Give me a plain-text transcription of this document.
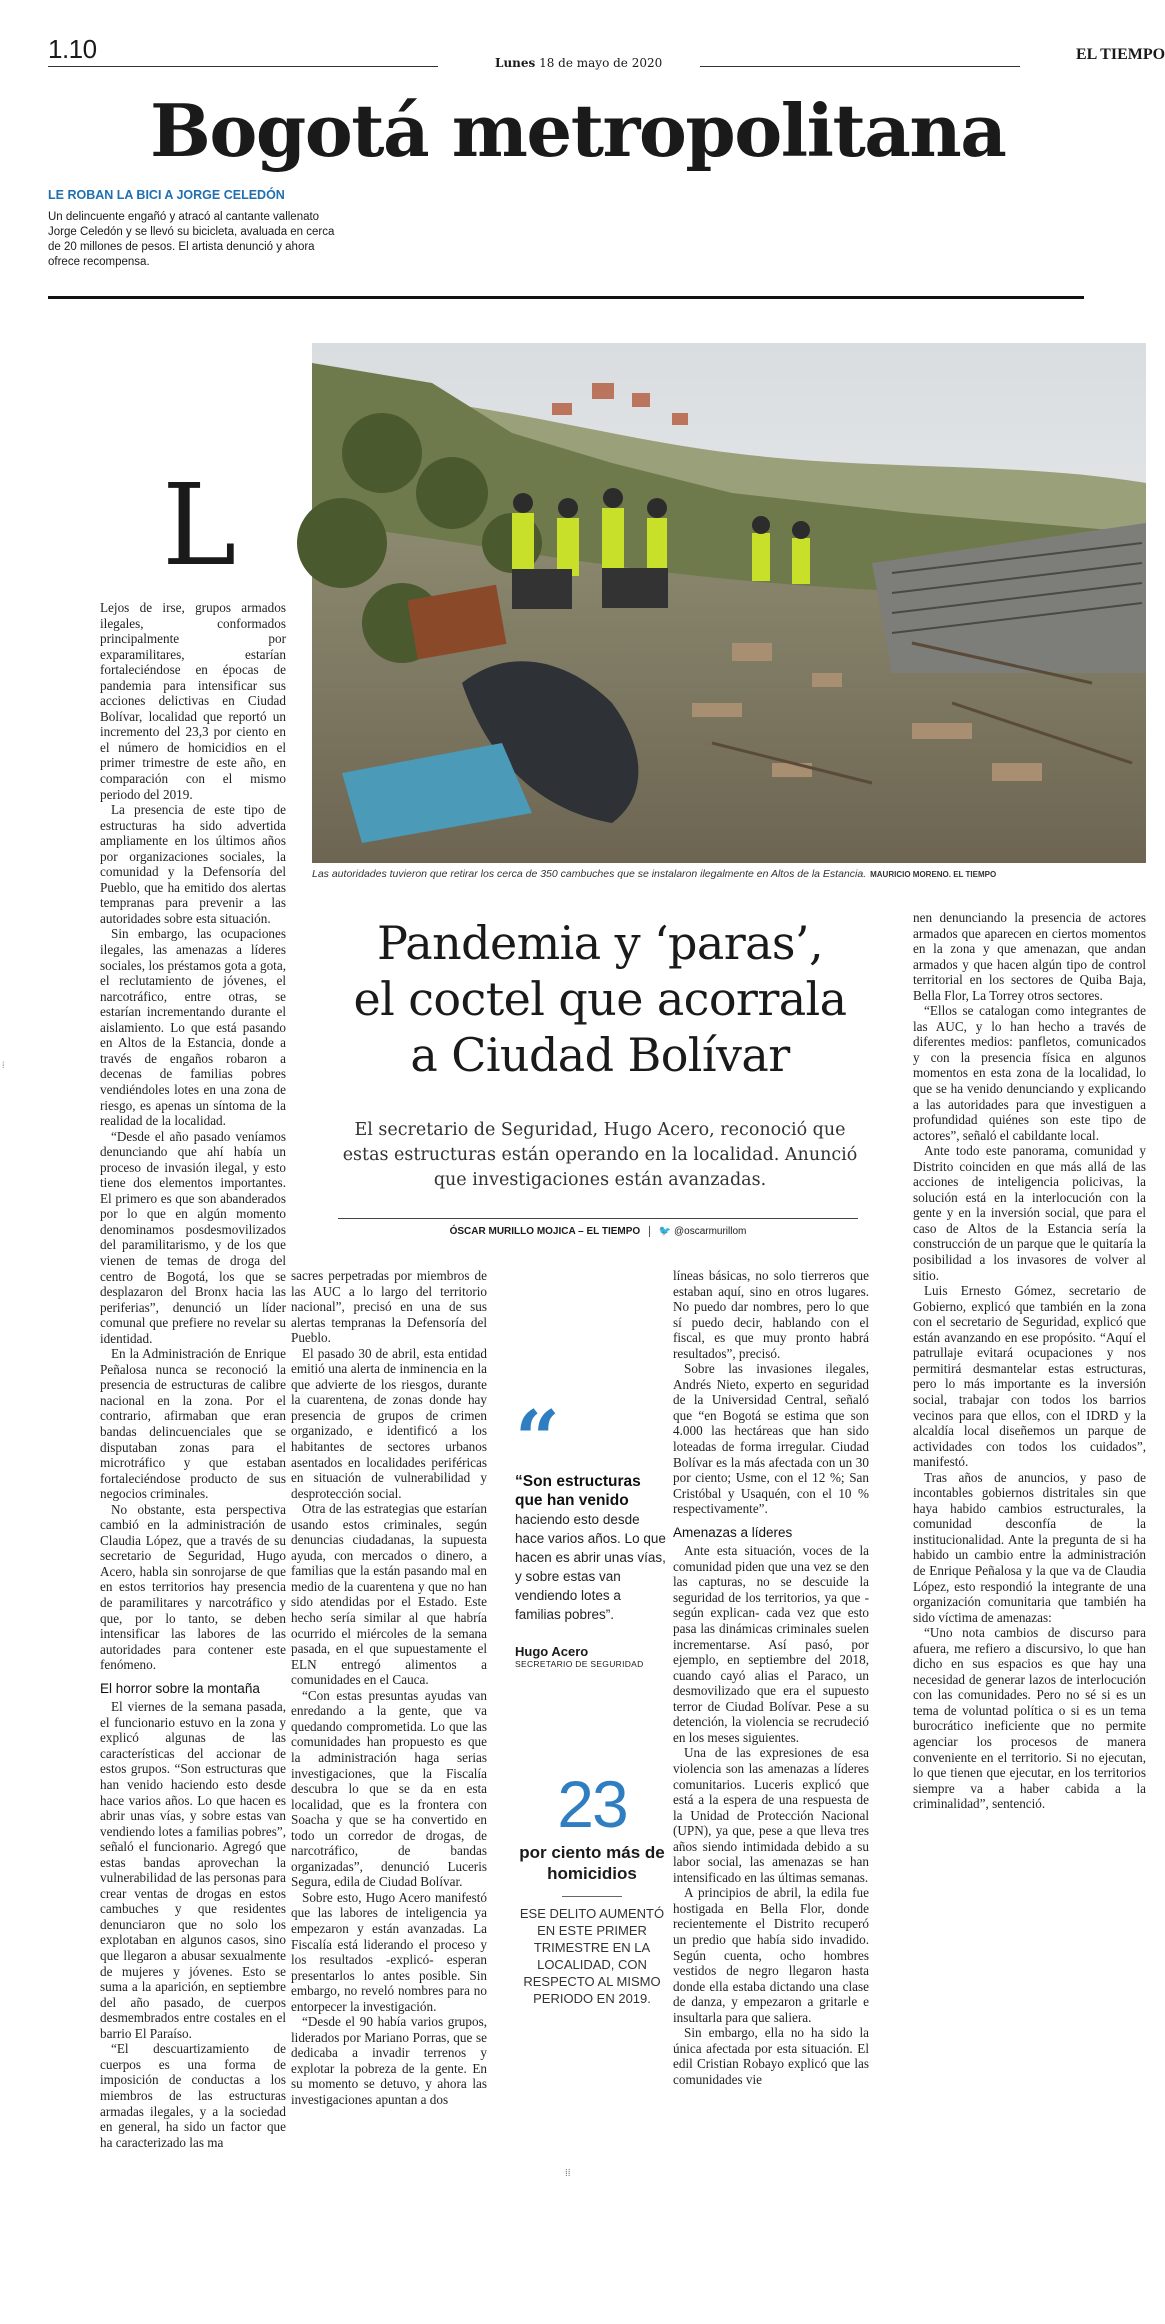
1.10	Lunes 18 de mayo de 2020	EL TIEMPO
Bogotá metropolitana
LE ROBAN LA BICI A JORGE CELEDÓN
Un delincuente engañó y atracó al cantante vallenato Jorge Celedón y se llevó su bicicleta, avaluada en cerca de 20 millones de pesos. El artista denunció y ahora ofrece recompensa.
Las autoridades tuvieron que retirar los cerca de 350 cambuches que se instalaron ilegalmente en Altos de la Estancia. MAURICIO MORENO. EL TIEMPO
L

Lejos de irse, grupos armados ilegales, conformados principalmente por exparamilitares, estarían fortaleciéndose en épocas de pandemia para intensificar sus acciones delictivas en Ciudad Bolívar, localidad que reportó un incremento del 23,3 por ciento en el número de homicidios en el primer trimestre de este año, en comparación con el mismo periodo del 2019.

La presencia de este tipo de estructuras ha sido advertida ampliamente en los últimos años por organizaciones sociales, la comunidad y la Defensoría del Pueblo, que ha emitido dos alertas tempranas para prevenir a las autoridades sobre esta situación.

Sin embargo, las ocupaciones ilegales, las amenazas a líderes sociales, los préstamos gota a gota, el reclutamiento de jóvenes, el narcotráfico, entre otras, se estarían incrementando durante el aislamiento. Lo que está pasando en Altos de la Estancia, donde a través de engaños robaron a decenas de familias pobres vendiéndoles lotes en una zona de riesgo, es apenas un síntoma de la realidad de la localidad.

“Desde el año pasado veníamos denunciando que ahí había un proceso de invasión ilegal, y esto tiene dos elementos importantes. El primero es que son abanderados por lo que en algún momento denominamos posdesmovilizados del paramilitarismo, y de los que vienen de temas de droga del centro de Bogotá, los que se desplazaron del Bronx hacia las periferias”, denunció un líder comunal que prefiere no revelar su identidad.

En la Administración de Enrique Peñalosa nunca se reconoció la presencia de estructuras de calibre nacional en la zona. Por el contrario, afirmaban que eran bandas delincuenciales que se disputaban zonas para el microtráfico y que estaban fortaleciéndose producto de sus negocios criminales.

No obstante, esta perspectiva cambió en la administración de Claudia López, que a través de su secretario de Seguridad, Hugo Acero, habla sin sonrojarse de que en estos territorios hay presencia de paramilitares y narcotráfico y que, por lo tanto, se deben intensificar las labores de las autoridades para contener este fenómeno.

El horror sobre la montaña

El viernes de la semana pasada, el funcionario estuvo en la zona y explicó algunas de las características del accionar de estos grupos. “Son estructuras que han venido haciendo esto desde hace varios años. Lo que hacen es abrir unas vías, y sobre estas van vendiendo lotes a familias pobres”, señaló el funcionario. Agregó que estas bandas aprovechan la vulnerabilidad de las personas para crear ventas de drogas en estos cambuches y que residentes denunciaron que no solo los explotaban en algunos casos, sino que llegaron a abusar sexualmente de mujeres y jóvenes. Esto se suma a la aparición, en septiembre del año pasado, de cuerpos desmembrados entre costales en el barrio El Paraíso.

“El descuartizamiento de cuerpos es una forma de imposición de conductas a los miembros de las estructuras armadas ilegales, y a la sociedad en general, ha sido un factor que ha caracterizado las ma

Pandemia y ‘paras’,
el coctel que acorrala
a Ciudad Bolívar
El secretario de Seguridad, Hugo Acero, reconoció que estas estructuras están operando en la localidad. Anunció que investigaciones están avanzadas.
ÓSCAR MURILLO MOJICA – EL TIEMPO 🐦 @oscarmurillom

sacres perpetradas por miembros de las AUC a lo largo del territorio nacional”, precisó en una de sus alertas tempranas la Defensoría del Pueblo.

El pasado 30 de abril, esta entidad emitió una alerta de inminencia en la que advierte de los riesgos, durante la cuarentena, de zonas donde hay presencia de grupos de crimen organizado, e identificó a los habitantes de sectores urbanos asentados en localidades periféricas en situación de vulnerabilidad y desprotección social.

Otra de las estrategias que estarían usando estos criminales, según denuncias ciudadanas, la supuesta ayuda, con mercados o dinero, a familias que la están pasando mal en medio de la cuarentena y que no han sido atendidas por el Estado. Este hecho sería similar al que habría ocurrido el miércoles de la semana pasada, en el que supuestamente el ELN entregó alimentos a comunidades en el Cauca.

“Con estas presuntas ayudas van enredando a la gente, que va quedando comprometida. Lo que las comunidades han propuesto es que la administración haga serias investigaciones, que la Fiscalía descubra lo que se da en esta localidad, que es la frontera con Soacha y que se ha convertido en todo un corredor de drogas, de narcotráfico, de bandas organizadas”, denunció Luceris Segura, edila de Ciudad Bolívar.

Sobre esto, Hugo Acero manifestó que las labores de inteligencia ya empezaron y están avanzadas. La Fiscalía está liderando el proceso y los resultados -explicó- esperan presentarlos lo antes posible. Sin embargo, no reveló nombres para no entorpecer la investigación.

“Desde el 90 había varios grupos, liderados por Mariano Porras, que se dedicaba a invadir terrenos y explotar la pobreza de la gente. En su momento se detuvo, y ahora las investigaciones apuntan a dos

“
“Son estructuras que han venido
haciendo esto desde hace varios años. Lo que hacen es abrir unas vías, y sobre estas van vendiendo lotes a familias pobres”.
Hugo Acero
SECRETARIO DE SEGURIDAD
23
por ciento más de homicidios
ESE DELITO AUMENTÓ EN ESTE PRIMER TRIMESTRE EN LA LOCALIDAD, CON RESPECTO AL MISMO PERIODO EN 2019.

líneas básicas, no solo tierreros que estaban aquí, sino en otros lugares. No puedo dar nombres, pero lo que sí puedo decir, hablando con el fiscal, es que muy pronto habrá resultados”, precisó.

Sobre las invasiones ilegales, Andrés Nieto, experto en seguridad de la Universidad Central, señaló que “en Bogotá se estima que son 4.000 las hectáreas que han sido loteadas de forma irregular. Ciudad Bolívar es la más afectada con un 30 por ciento; Usme, con el 12 %; San Cristóbal y Usaquén, con el 10 % respectivamente”.

Amenazas a líderes

Ante esta situación, voces de la comunidad piden que una vez se den las capturas, no se descuide la seguridad de los territorios, ya que -según explican- cada vez que esto pasa las dinámicas criminales suelen incrementarse. Así pasó, por ejemplo, en septiembre del 2018, cuando cayó alias el Paraco, un desmovilizado que era el supuesto terror de Ciudad Bolívar. Pese a su detención, la violencia se recrudeció en los meses siguientes.

Una de las expresiones de esa violencia son las amenazas a líderes comunitarios. Luceris explicó que está a la espera de una respuesta de la Unidad de Protección Nacional (UPN), ya que, pese a que lleva tres años siendo intimidada debido a su labor social, las amenazas se han intensificado en las últimas semanas.

A principios de abril, la edila fue hostigada en Bella Flor, donde recientemente el Distrito recuperó un predio que había sido invadido. Según cuenta, ocho hombres vestidos de negro llegaron hasta donde ella estaba dictando una clase de danza, y empezaron a gritarle e insultarla para que saliera.

Sin embargo, ella no ha sido la única afectada por esta situación. El edil Cristian Robayo explicó que las comunidades vie

nen denunciando la presencia de actores armados que aparecen en ciertos momentos en la zona y que amenazan, que andan armados y que hacen algún tipo de control territorial en los sectores de Quiba Baja, Bella Flor, La Torrey otros sectores.

“Ellos se catalogan como integrantes de las AUC, y lo han hecho a través de diferentes medios: panfletos, comunicados y con la presencia física en algunos momentos en esta zona de la localidad, lo que se ha venido denunciando y explicando a las autoridades para que investiguen a profundidad quiénes son este tipo de actores”, señaló el cabildante local.

Ante todo este panorama, comunidad y Distrito coinciden en que más allá de las acciones de inteligencia policivas, la solución está en la interlocución con la gente y en la inversión social, que para el caso de Altos de la Estancia sería la construcción de un parque que le quitaría la posibilidad a los invasores de volver al sitio.

Luis Ernesto Gómez, secretario de Gobierno, explicó que también en la zona con el secretario de Seguridad, explicó que están avanzando en ese propósito. “Aquí el patrullaje evitará ocupaciones y nos permitirá desmantelar estas estructuras, pero lo más importante es la inversión social, trabajar con todos los barrios vecinos para que ellos, con el IDRD y la alcaldía local diseñemos un parque de actividades con todos los cuidados”, manifestó.

Tras años de anuncios, y paso de incontables gobiernos distritales sin que haya habido cambios estructurales, la comunidad desconfía de la institucionalidad. Ante la pregunta de si ha habido un cambio entre la administración de Enrique Peñalosa y la que va de Claudia López, esto respondió la integrante de una organización comunitaria que también ha sido víctima de amenazas:

“Uno nota cambios de discurso para afuera, me refiero a discursivo, lo que han dicho en sus espacios es que hay una necesidad de generar lazos de interlocución con las comunidades. Pero no sé si es un tema de voluntad política o si es un tema burocrático ineficiente que no permite agenciar los procesos de manera conveniente en el territorio. Si no ejecutan, lo que tienen que ejecutar, en los territorios siempre va a haber cabida a la criminalidad”, sentenció.

⁞⁞
⁞
